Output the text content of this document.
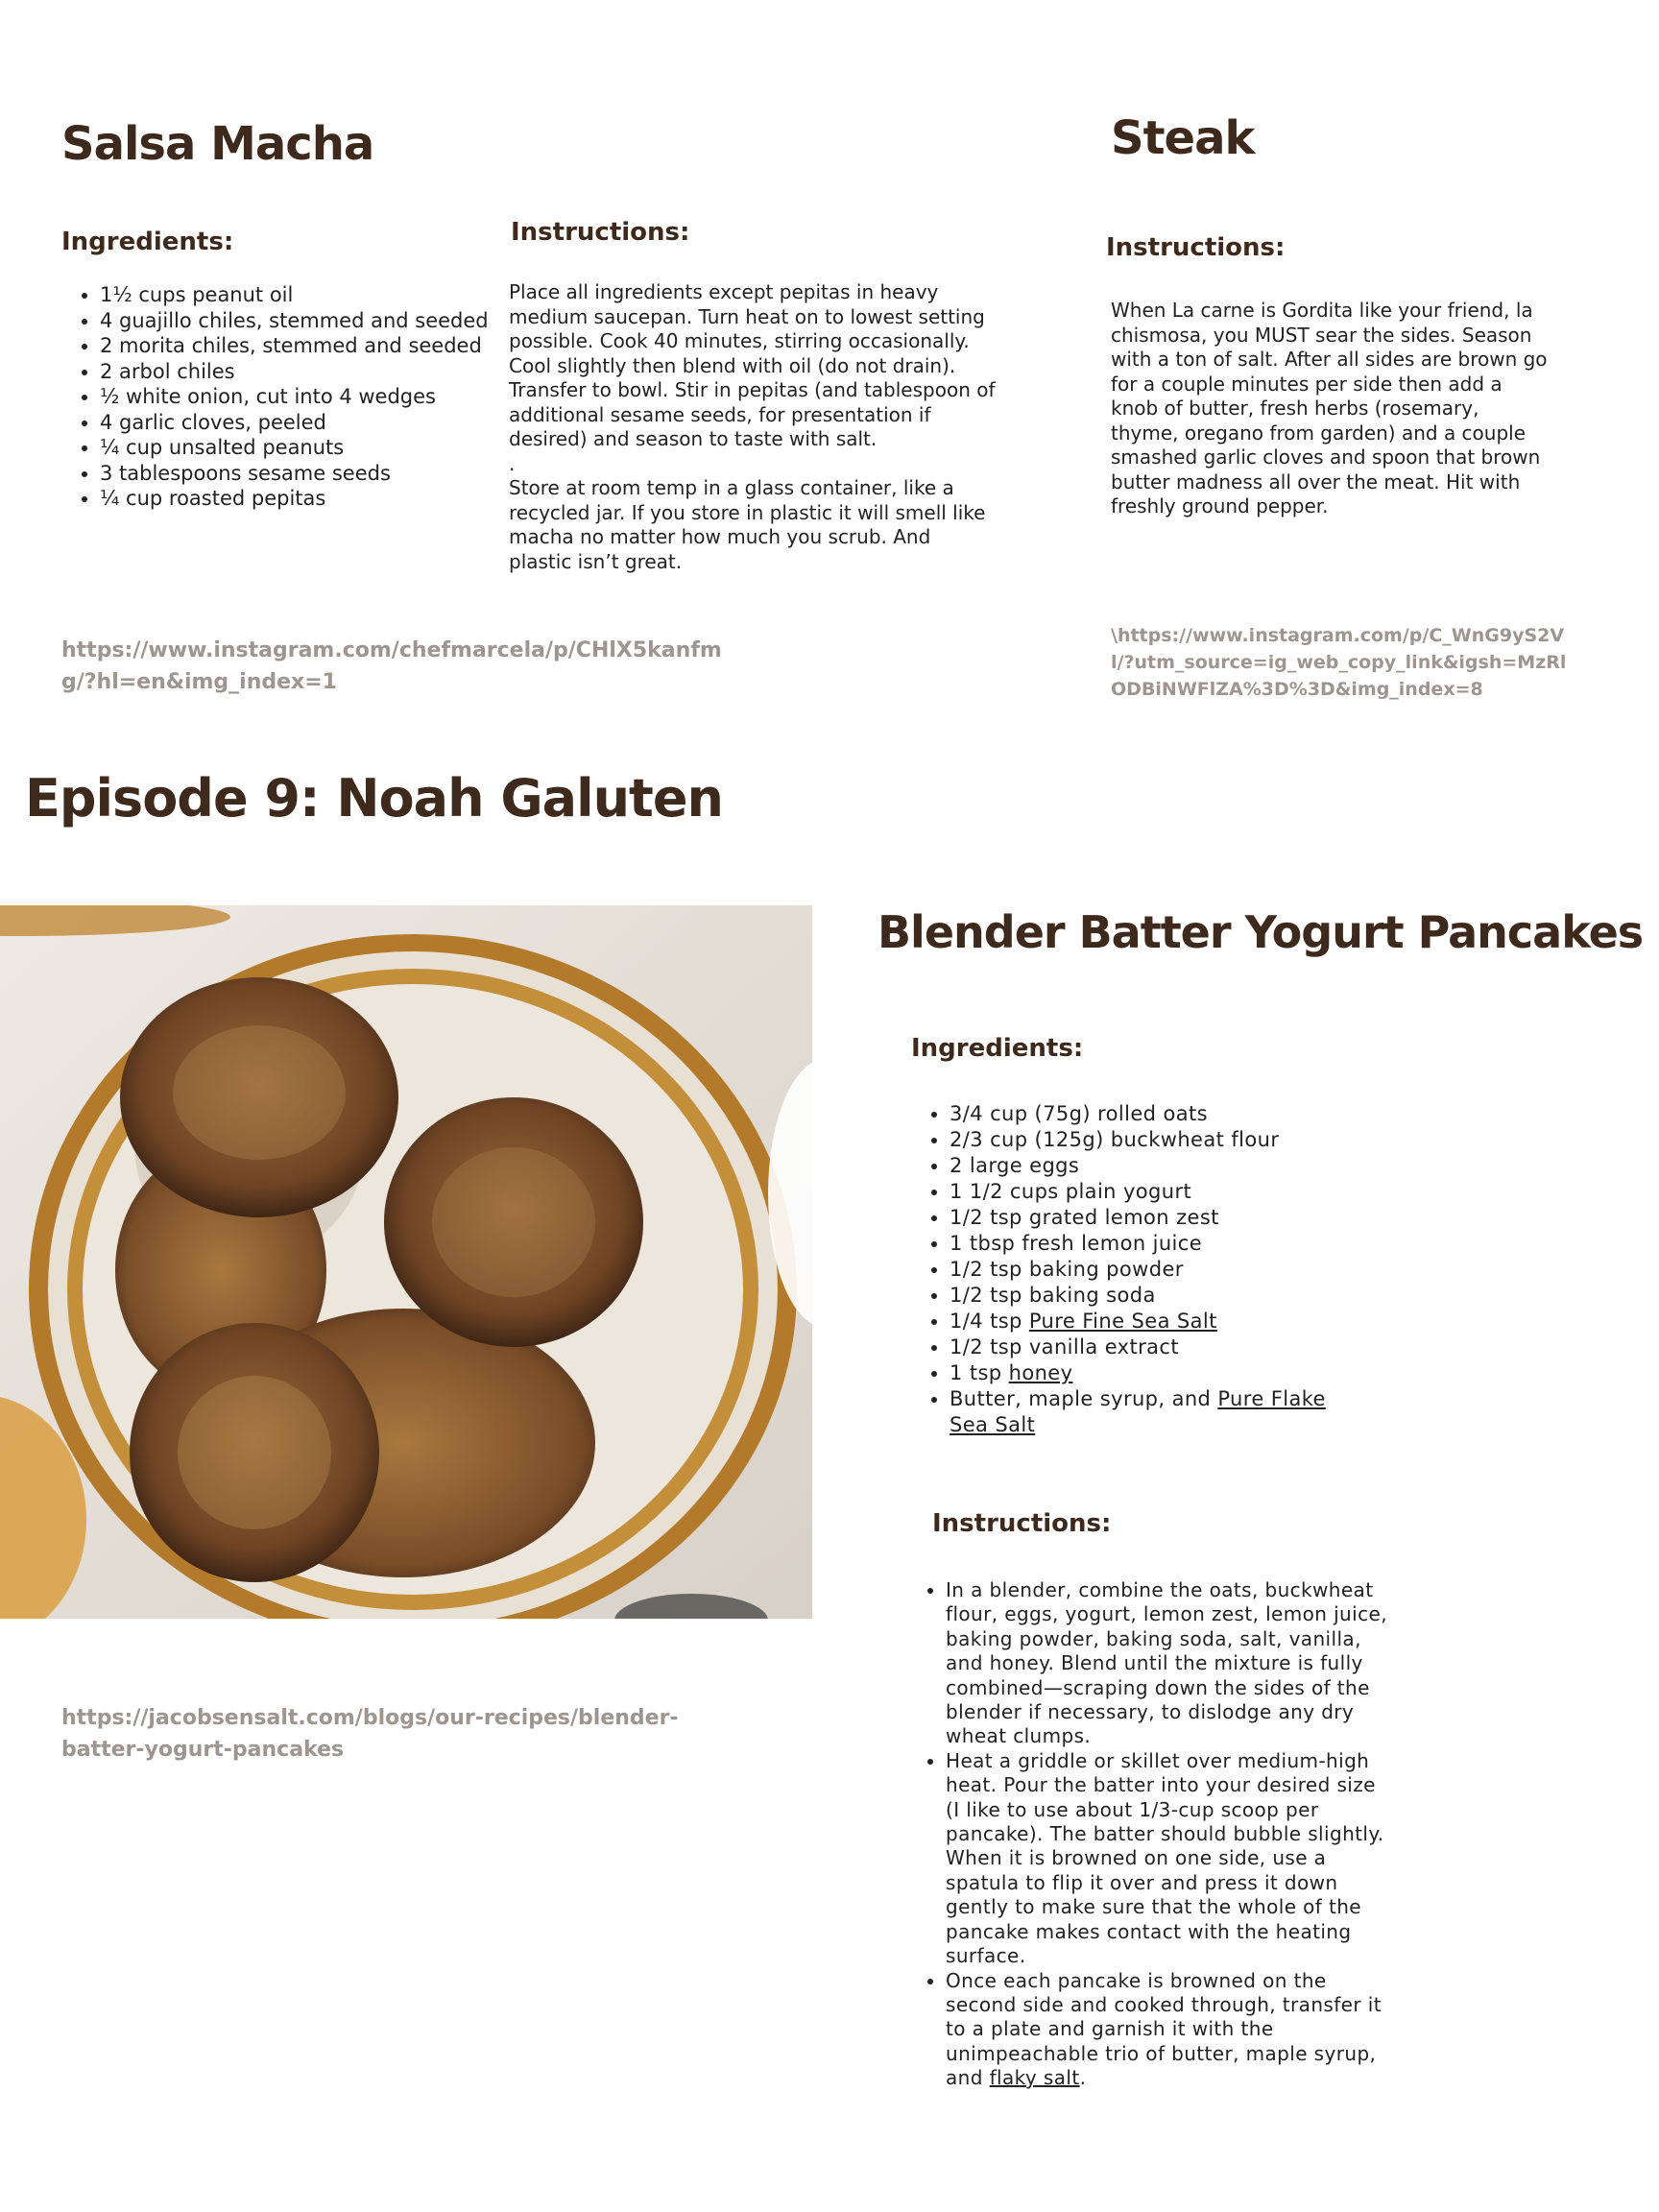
Salsa Macha
Ingredients:
• 1½ cups peanut oil
• 4 guajillo chiles, stemmed and seeded
• 2 morita chiles, stemmed and seeded
• 2 arbol chiles
• ½ white onion, cut into 4 wedges
• 4 garlic cloves, peeled
• ¼ cup unsalted peanuts
• 3 tablespoons sesame seeds
• ¼ cup roasted pepitas
Instructions:

Place all ingredients except pepitas in heavy medium saucepan. Turn heat on to lowest setting possible. Cook 40 minutes, stirring occasionally. Cool slightly then blend with oil (do not drain). Transfer to bowl. Stir in pepitas (and tablespoon of additional sesame seeds, for presentation if desired) and season to taste with salt.

.

Store at room temp in a glass container, like a recycled jar. If you store in plastic it will smell like macha no matter how much you scrub. And plastic isn’t great.

https://www.instagram.com/chefmarcela/p/CHlX5kanfmg/?hl=en&img_index=1

Steak
Instructions:

When La carne is Gordita like your friend, la chismosa, you MUST sear the sides. Season with a ton of salt. After all sides are brown go for a couple minutes per side then add a knob of butter, fresh herbs (rosemary, thyme, oregano from garden) and a couple smashed garlic cloves and spoon that brown butter madness all over the meat. Hit with freshly ground pepper.

\https://www.instagram.com/p/C_WnG9yS2Vl/?utm_source=ig_web_copy_link&igsh=MzRlODBiNWFlZA%3D%3D&img_index=8

Episode 9: Noah Galuten

https://jacobsensalt.com/blogs/our-recipes/blender-batter-yogurt-pancakes

Blender Batter Yogurt Pancakes
Ingredients:
• 3/4 cup (75g) rolled oats
• 2/3 cup (125g) buckwheat flour
• 2 large eggs
• 1 1/2 cups plain yogurt
• 1/2 tsp grated lemon zest
• 1 tbsp fresh lemon juice
• 1/2 tsp baking powder
• 1/2 tsp baking soda
• 1/4 tsp Pure Fine Sea Salt
• 1/2 tsp vanilla extract
• 1 tsp honey
• Butter, maple syrup, and Pure Flake Sea Salt
Instructions:
• In a blender, combine the oats, buckwheat flour, eggs, yogurt, lemon zest, lemon juice, baking powder, baking soda, salt, vanilla, and honey. Blend until the mixture is fully combined—scraping down the sides of the blender if necessary, to dislodge any dry wheat clumps.
• Heat a griddle or skillet over medium-high heat. Pour the batter into your desired size (I like to use about 1/3-cup scoop per pancake). The batter should bubble slightly. When it is browned on one side, use a spatula to flip it over and press it down gently to make sure that the whole of the pancake makes contact with the heating surface.
• Once each pancake is browned on the second side and cooked through, transfer it to a plate and garnish it with the unimpeachable trio of butter, maple syrup, and flaky salt.
